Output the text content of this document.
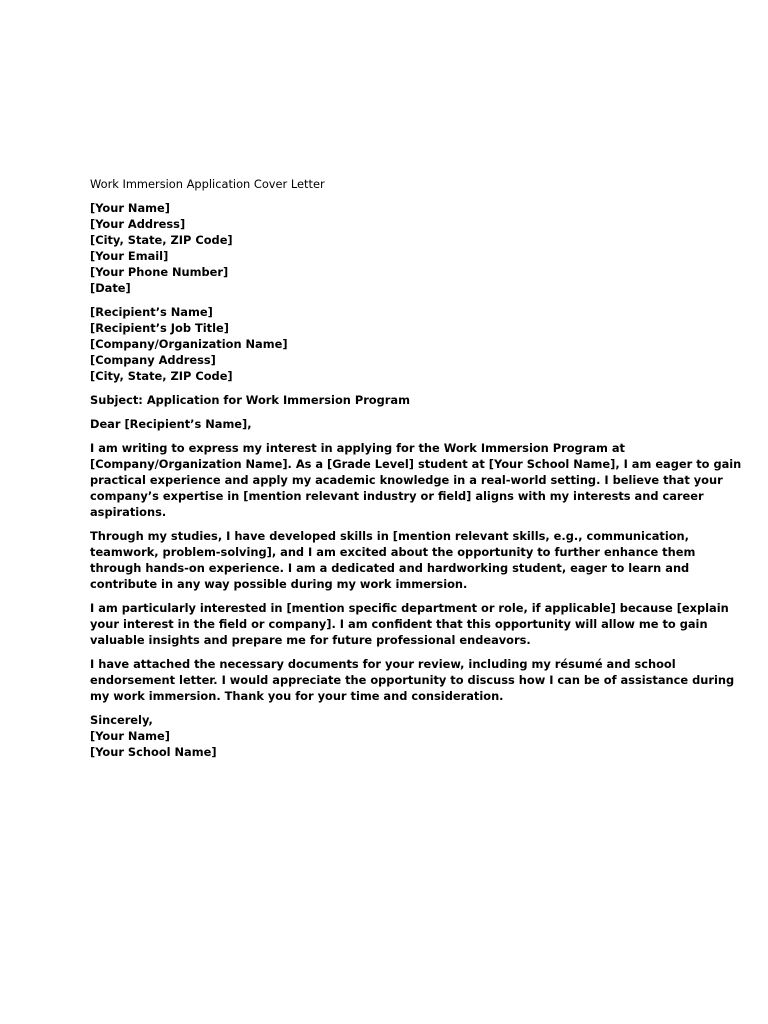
Work Immersion Application Cover Letter
[Your Name]
[Your Address]
[City, State, ZIP Code]
[Your Email]
[Your Phone Number]
[Date]
[Recipient’s Name]
[Recipient’s Job Title]
[Company/Organization Name]
[Company Address]
[City, State, ZIP Code]
Subject: Application for Work Immersion Program
Dear [Recipient’s Name],
I am writing to express my interest in applying for the Work Immersion Program at
[Company/Organization Name]. As a [Grade Level] student at [Your School Name], I am eager to gain
practical experience and apply my academic knowledge in a real-world setting. I believe that your
company’s expertise in [mention relevant industry or field] aligns with my interests and career
aspirations.
Through my studies, I have developed skills in [mention relevant skills, e.g., communication,
teamwork, problem-solving], and I am excited about the opportunity to further enhance them
through hands-on experience. I am a dedicated and hardworking student, eager to learn and
contribute in any way possible during my work immersion.
I am particularly interested in [mention specific department or role, if applicable] because [explain
your interest in the field or company]. I am confident that this opportunity will allow me to gain
valuable insights and prepare me for future professional endeavors.
I have attached the necessary documents for your review, including my résumé and school
endorsement letter. I would appreciate the opportunity to discuss how I can be of assistance during
my work immersion. Thank you for your time and consideration.
Sincerely,
[Your Name]
[Your School Name]
